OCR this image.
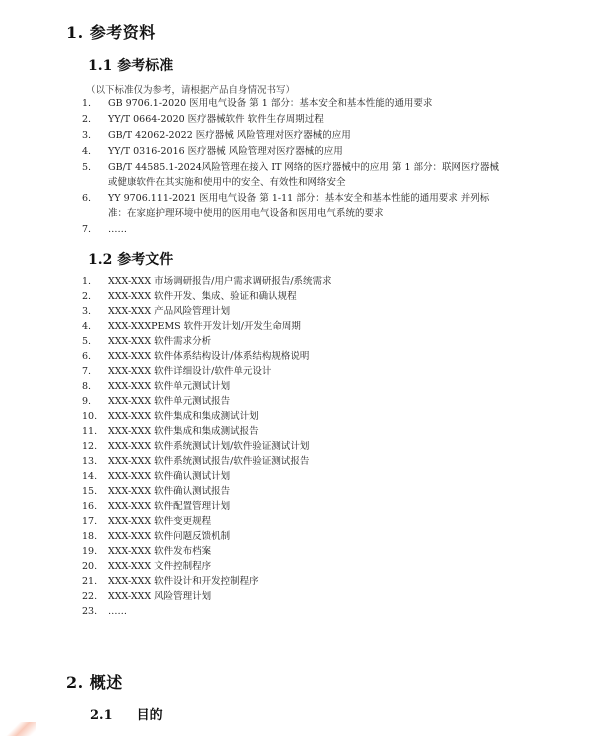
1. 参考资料
1.1 参考标准
（以下标准仅为参考，请根据产品自身情况书写）
1.	GB 9706.1-2020 医用电气设备 第 1 部分：基本安全和基本性能的通用要求
2.	YY/T 0664-2020 医疗器械软件 软件生存周期过程
3.	GB/T 42062-2022 医疗器械 风险管理对医疗器械的应用
4.	YY/T 0316-2016 医疗器械 风险管理对医疗器械的应用
5.	GB/T 44585.1-2024风险管理在接入 IT 网络的医疗器械中的应用 第 1 部分：联网医疗器械或健康软件在其实施和使用中的安全、有效性和网络安全
6.	YY 9706.111-2021 医用电气设备 第 1-11 部分：基本安全和基本性能的通用要求 并列标准：在家庭护理环境中使用的医用电气设备和医用电气系统的要求
7.	……
1.2 参考文件
1.	XXX-XXX 市场调研报告/用户需求调研报告/系统需求
2.	XXX-XXX 软件开发、集成、验证和确认规程
3.	XXX-XXX 产品风险管理计划
4.	XXX-XXXPEMS 软件开发计划/开发生命周期
5.	XXX-XXX 软件需求分析
6.	XXX-XXX 软件体系结构设计/体系结构规格说明
7.	XXX-XXX 软件详细设计/软件单元设计
8.	XXX-XXX 软件单元测试计划
9.	XXX-XXX 软件单元测试报告
10.	XXX-XXX 软件集成和集成测试计划
11.	XXX-XXX 软件集成和集成测试报告
12.	XXX-XXX 软件系统测试计划/软件验证测试计划
13.	XXX-XXX 软件系统测试报告/软件验证测试报告
14.	XXX-XXX 软件确认测试计划
15.	XXX-XXX 软件确认测试报告
16.	XXX-XXX 软件配置管理计划
17.	XXX-XXX 软件变更规程
18.	XXX-XXX 软件问题反馈机制
19.	XXX-XXX 软件发布档案
20.	XXX-XXX 文件控制程序
21.	XXX-XXX 软件设计和开发控制程序
22.	XXX-XXX 风险管理计划
23.	……
2. 概述
2.1 目的
